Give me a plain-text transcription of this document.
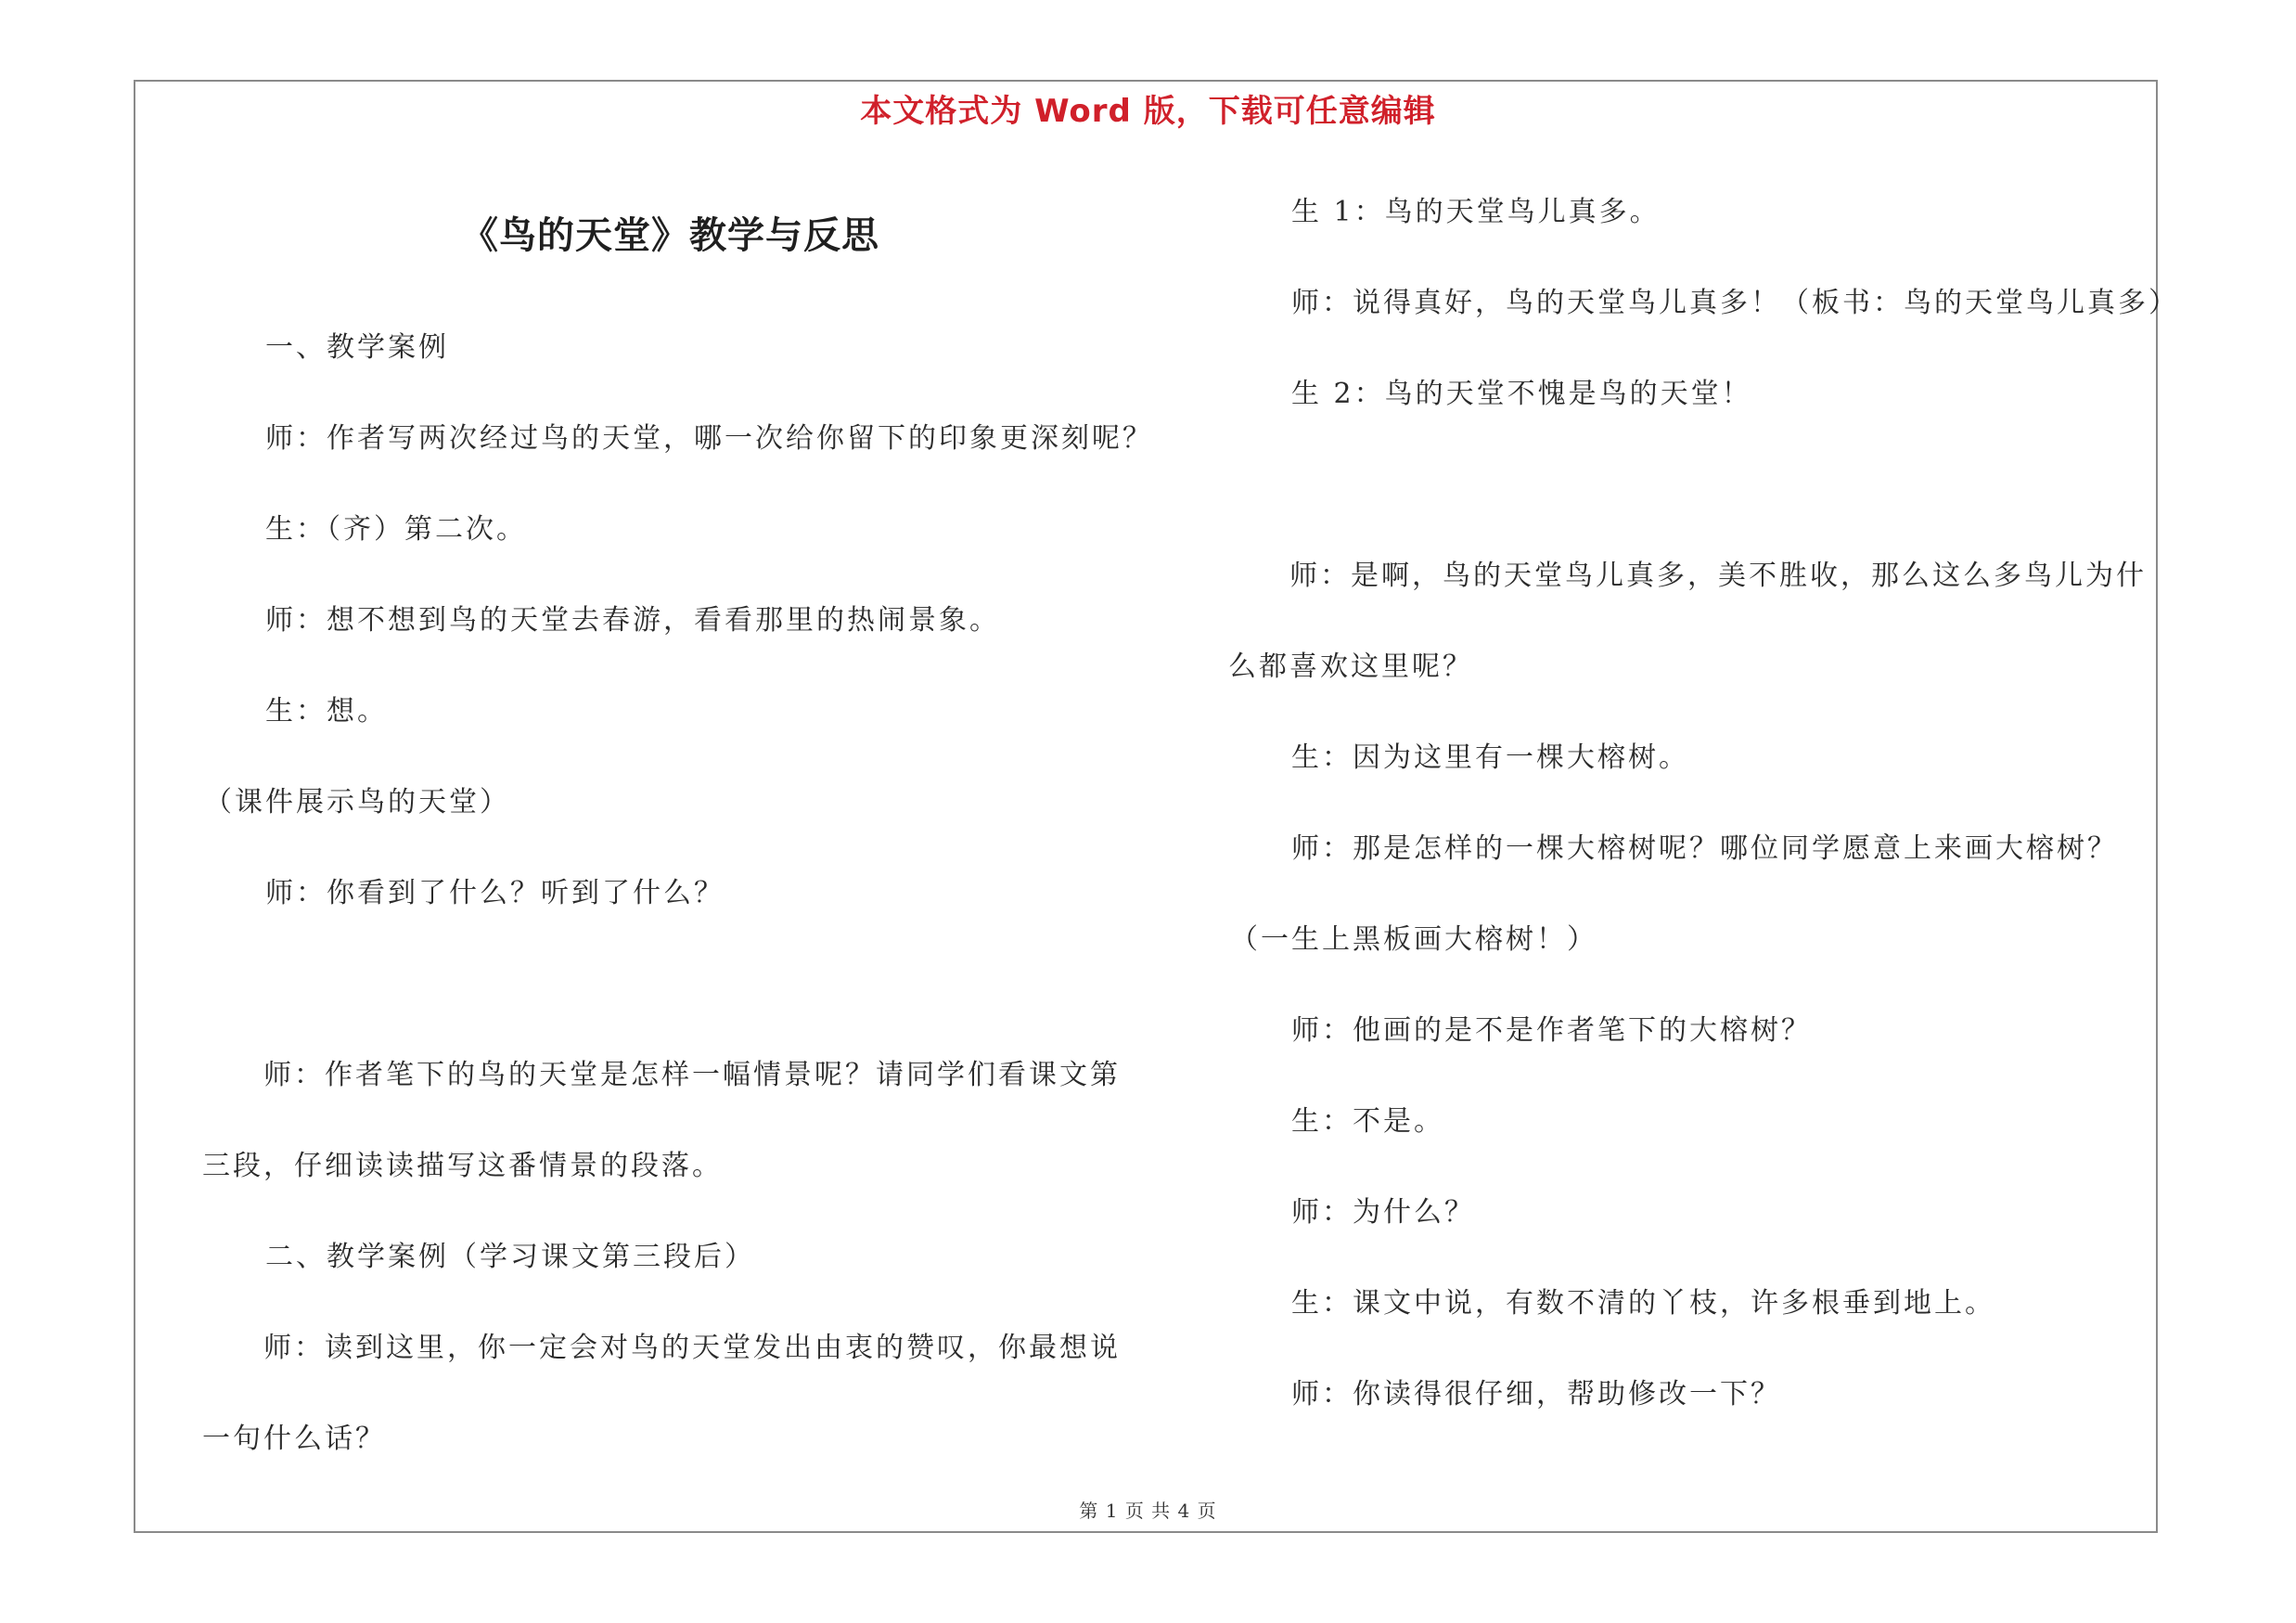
本文格式为 Word 版，下载可任意编辑
《鸟的天堂》教学与反思
一、教学案例
师：作者写两次经过鸟的天堂，哪一次给你留下的印象更深刻呢？
生：（齐）第二次。
师：想不想到鸟的天堂去春游，看看那里的热闹景象。
生：想。
（课件展示鸟的天堂）
师：你看到了什么？听到了什么？
师：作者笔下的鸟的天堂是怎样一幅情景呢？请同学们看课文第三段，仔细读读描写这番情景的段落。
二、教学案例（学习课文第三段后）
师：读到这里，你一定会对鸟的天堂发出由衷的赞叹，你最想说一句什么话？
生 1：鸟的天堂鸟儿真多。
师：说得真好，鸟的天堂鸟儿真多！（板书：鸟的天堂鸟儿真多）
生 2：鸟的天堂不愧是鸟的天堂！
师：是啊，鸟的天堂鸟儿真多，美不胜收，那么这么多鸟儿为什么都喜欢这里呢？
生：因为这里有一棵大榕树。
师：那是怎样的一棵大榕树呢？哪位同学愿意上来画大榕树？
（一生上黑板画大榕树！）
师：他画的是不是作者笔下的大榕树？
生：不是。
师：为什么？
生：课文中说，有数不清的丫枝，许多根垂到地上。
师：你读得很仔细，帮助修改一下？
第 1 页 共 4 页
